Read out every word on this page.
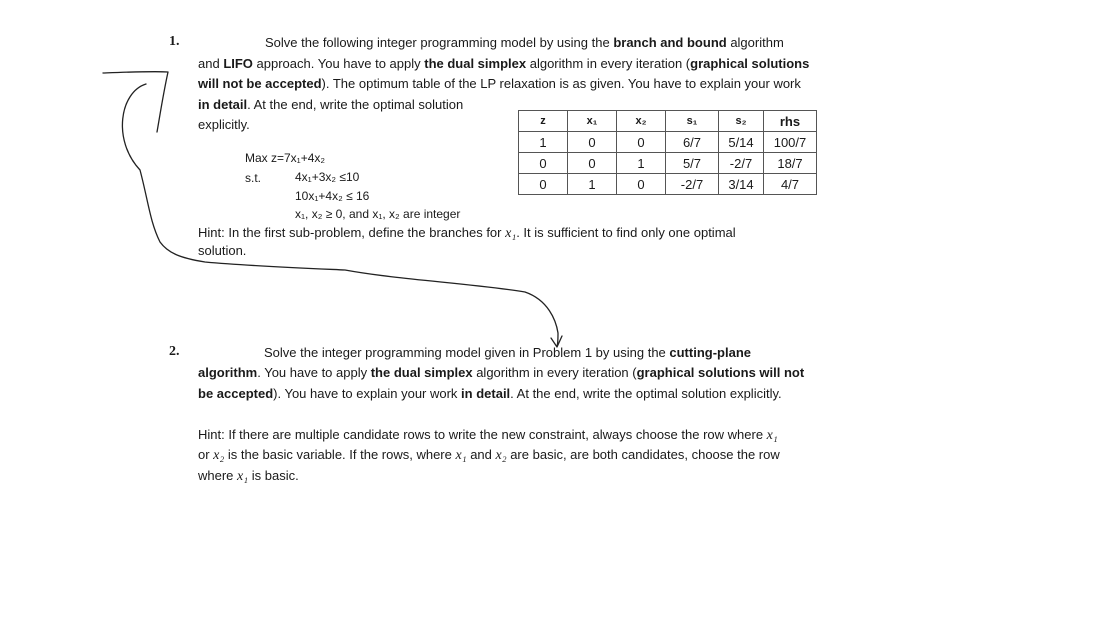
1.	Solve the following integer programming model by using the branch and bound algorithm
and LIFO approach. You have to apply the dual simplex algorithm in every iteration (graphical solutions
will not be accepted). The optimum table of the LP relaxation is as given. You have to explain your work
in detail. At the end, write the optimal solution
explicitly.
Max z=7x₁+4x₂
s.t.	4x₁+3x₂ ≤10
10x₁+4x₂ ≤ 16
x₁, x₂ ≥ 0, and x₁, x₂ are integer
z	x₁	x₂	s₁	s₂	rhs
1	0	0	6/7	5/14	100/7
0	0	1	5/7	-2/7	18/7
0	1	0	-2/7	3/14	4/7
Hint: In the first sub-problem, define the branches for x₁. It is sufficient to find only one optimal
solution.
2.	Solve the integer programming model given in Problem 1 by using the cutting-plane
algorithm. You have to apply the dual simplex algorithm in every iteration (graphical solutions will not
be accepted). You have to explain your work in detail. At the end, write the optimal solution explicitly.
Hint: If there are multiple candidate rows to write the new constraint, always choose the row where x₁
or x₂ is the basic variable. If the rows, where x₁ and x₂ are basic, are both candidates, choose the row
where x₁ is basic.
